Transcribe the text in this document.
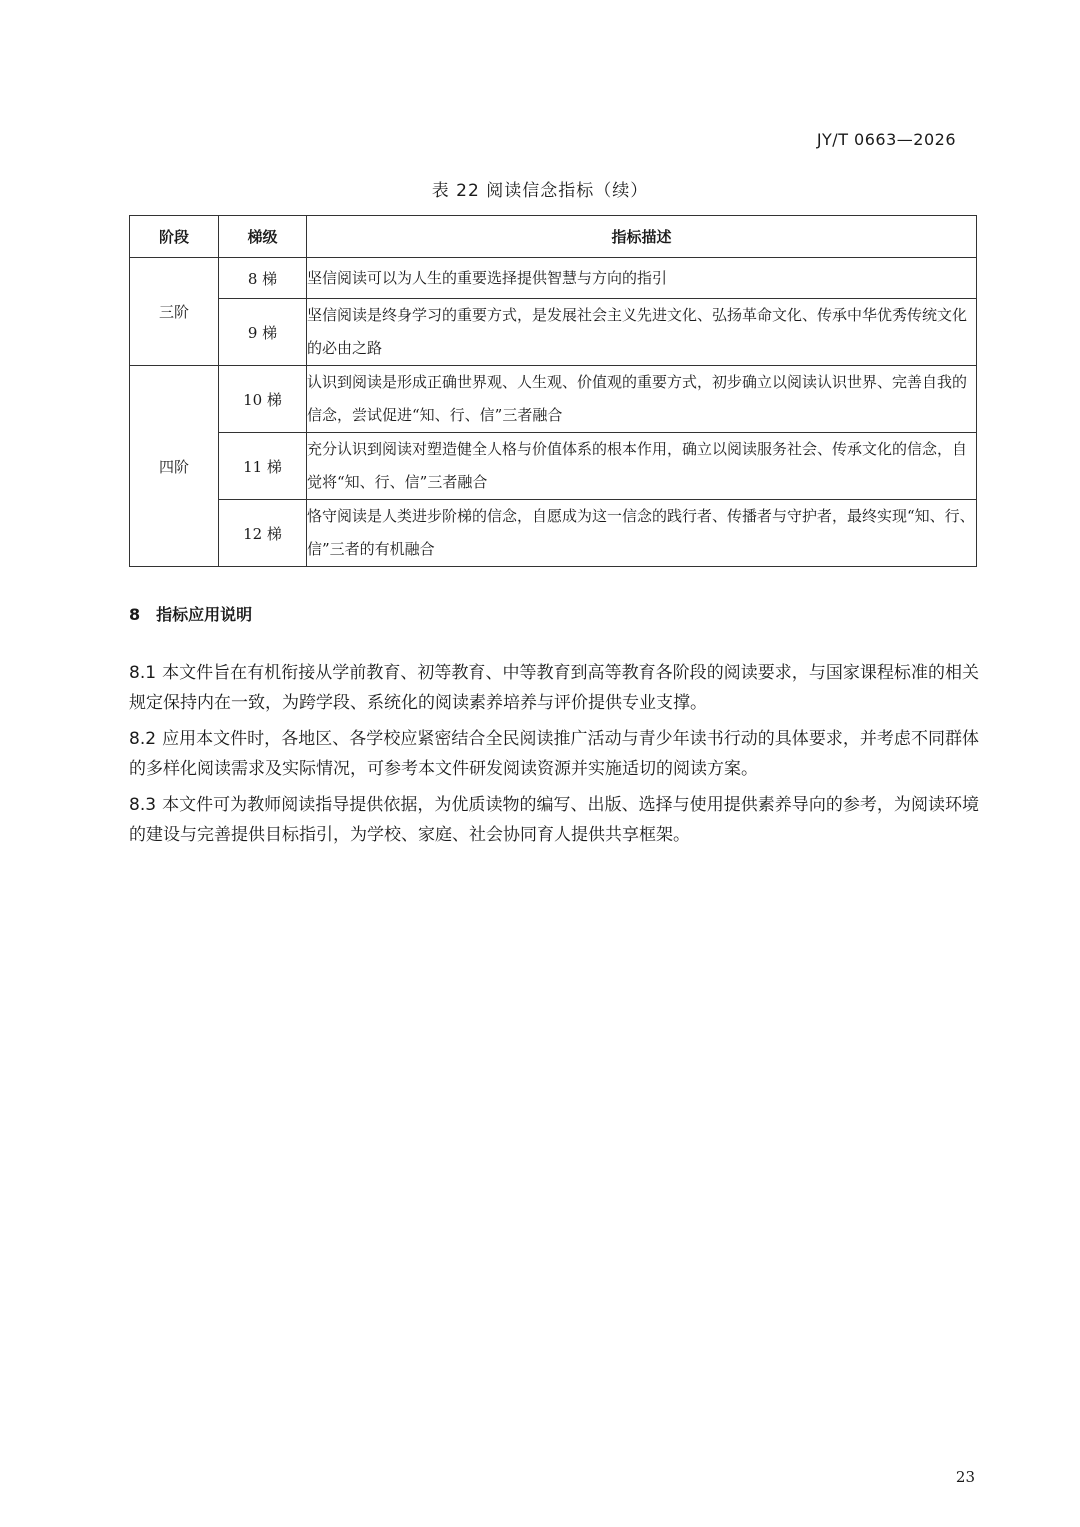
JY/T 0663—2026
表 22 阅读信念指标（续）
阶段	梯级	指标描述
三阶	8 梯	坚信阅读可以为人生的重要选择提供智慧与方向的指引
	9 梯	坚信阅读是终身学习的重要方式，是发展社会主义先进文化、弘扬革命文化、传承中华优秀传统文化的必由之路
四阶	10 梯	认识到阅读是形成正确世界观、人生观、价值观的重要方式，初步确立以阅读认识世界、完善自我的信念，尝试促进“知、行、信”三者融合
	11 梯	充分认识到阅读对塑造健全人格与价值体系的根本作用，确立以阅读服务社会、传承文化的信念，自觉将“知、行、信”三者融合
	12 梯	恪守阅读是人类进步阶梯的信念，自愿成为这一信念的践行者、传播者与守护者，最终实现“知、行、信”三者的有机融合
8 指标应用说明
8.1 本文件旨在有机衔接从学前教育、初等教育、中等教育到高等教育各阶段的阅读要求，与国家课程标准的相关规定保持内在一致，为跨学段、系统化的阅读素养培养与评价提供专业支撑。
8.2 应用本文件时，各地区、各学校应紧密结合全民阅读推广活动与青少年读书行动的具体要求，并考虑不同群体的多样化阅读需求及实际情况，可参考本文件研发阅读资源并实施适切的阅读方案。
8.3 本文件可为教师阅读指导提供依据，为优质读物的编写、出版、选择与使用提供素养导向的参考，为阅读环境的建设与完善提供目标指引，为学校、家庭、社会协同育人提供共享框架。
23
